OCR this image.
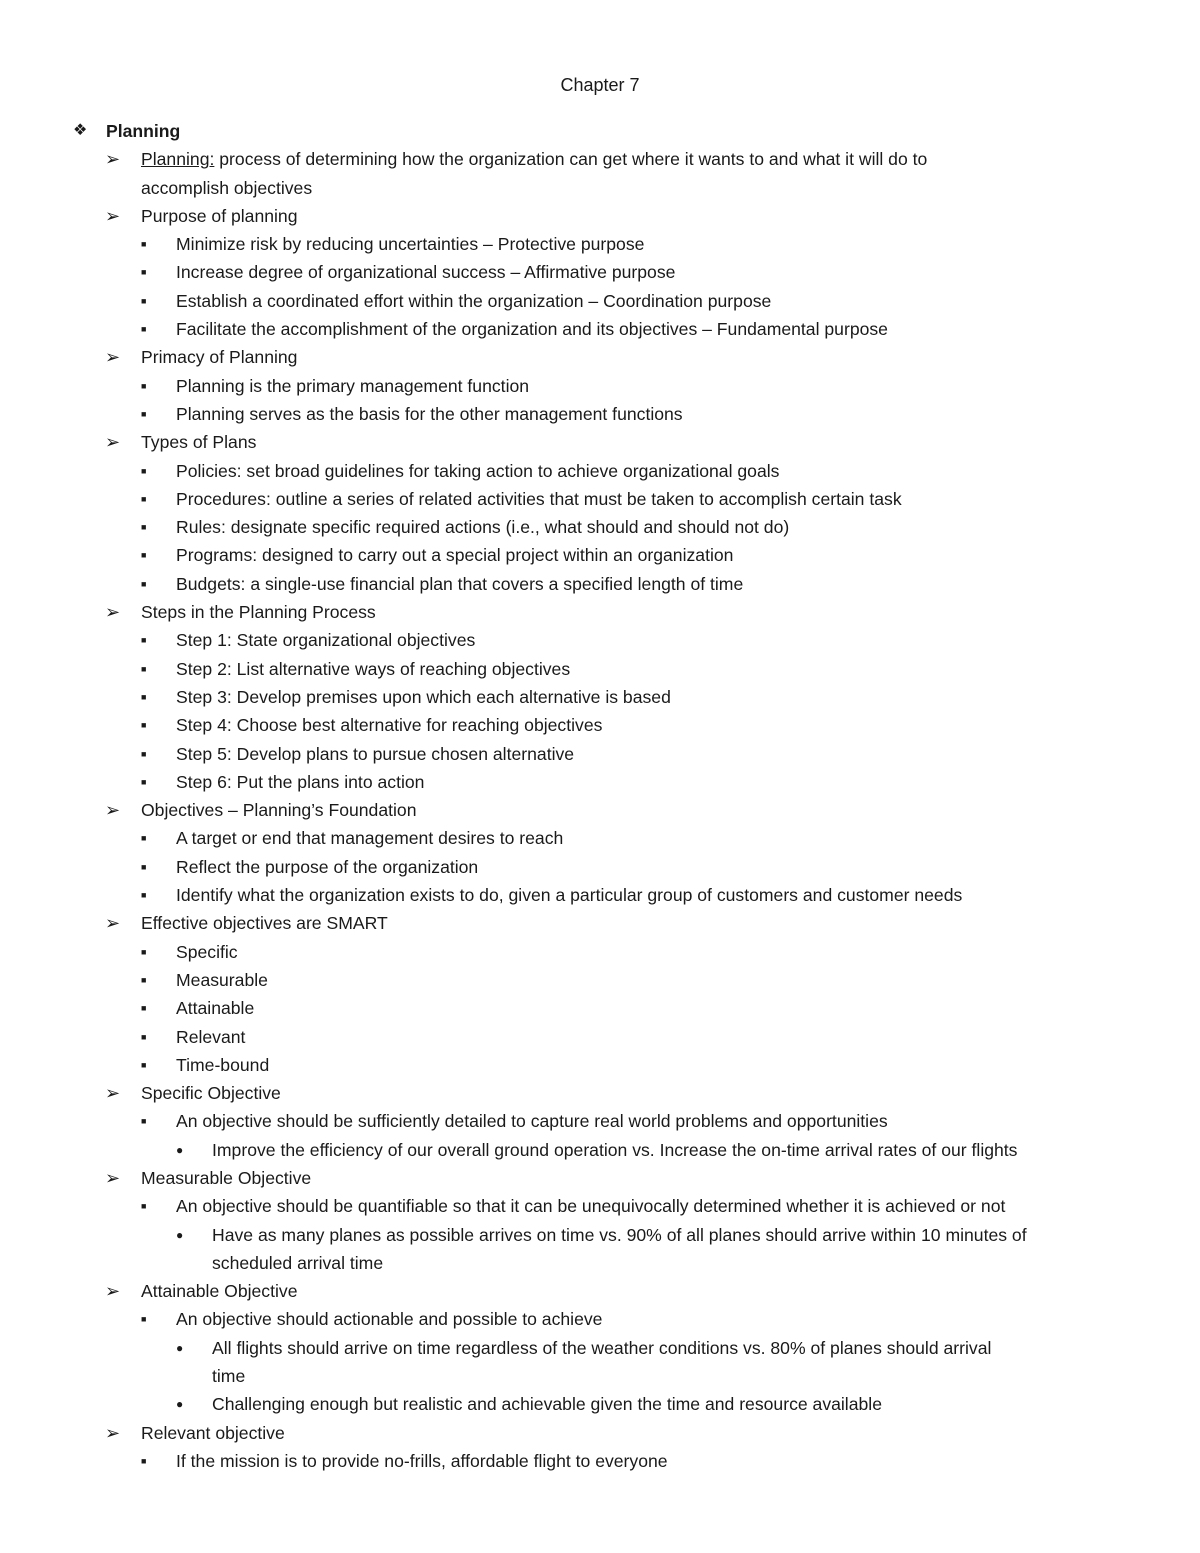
Chapter 7
❖ Planning
➢ Planning: process of determining how the organization can get where it wants to and what it will do to
accomplish objectives
➢ Purpose of planning
■ Minimize risk by reducing uncertainties – Protective purpose
■ Increase degree of organizational success – Affirmative purpose
■ Establish a coordinated effort within the organization – Coordination purpose
■ Facilitate the accomplishment of the organization and its objectives – Fundamental purpose
➢ Primacy of Planning
■ Planning is the primary management function
■ Planning serves as the basis for the other management functions
➢ Types of Plans
■ Policies: set broad guidelines for taking action to achieve organizational goals
■ Procedures: outline a series of related activities that must be taken to accomplish certain task
■ Rules: designate specific required actions (i.e., what should and should not do)
■ Programs: designed to carry out a special project within an organization
■ Budgets: a single-use financial plan that covers a specified length of time
➢ Steps in the Planning Process
■ Step 1: State organizational objectives
■ Step 2: List alternative ways of reaching objectives
■ Step 3: Develop premises upon which each alternative is based
■ Step 4: Choose best alternative for reaching objectives
■ Step 5: Develop plans to pursue chosen alternative
■ Step 6: Put the plans into action
➢ Objectives – Planning’s Foundation
■ A target or end that management desires to reach
■ Reflect the purpose of the organization
■ Identify what the organization exists to do, given a particular group of customers and customer needs
➢ Effective objectives are SMART
■ Specific
■ Measurable
■ Attainable
■ Relevant
■ Time-bound
➢ Specific Objective
■ An objective should be sufficiently detailed to capture real world problems and opportunities
● Improve the efficiency of our overall ground operation vs. Increase the on-time arrival rates of our flights
➢ Measurable Objective
■ An objective should be quantifiable so that it can be unequivocally determined whether it is achieved or not
● Have as many planes as possible arrives on time vs. 90% of all planes should arrive within 10 minutes of
scheduled arrival time
➢ Attainable Objective
■ An objective should actionable and possible to achieve
● All flights should arrive on time regardless of the weather conditions vs. 80% of planes should arrival
time
● Challenging enough but realistic and achievable given the time and resource available
➢ Relevant objective
■ If the mission is to provide no-frills, affordable flight to everyone
